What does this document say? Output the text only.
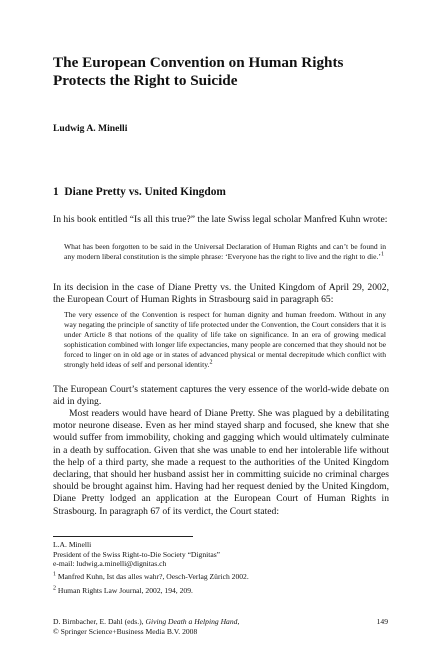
The European Convention on Human Rights Protects the Right to Suicide
Ludwig A. Minelli
1 Diane Pretty vs. United Kingdom

In his book entitled “Is all this true?” the late Swiss legal scholar Manfred Kuhn wrote:

What has been forgotten to be said in the Universal Declaration of Human Rights and can’t be found in any modern liberal constitution is the simple phrase: ‘Everyone has the right to live and the right to die.’$^1$

In its decision in the case of Diane Pretty vs. the United Kingdom of April 29, 2002, the European Court of Human Rights in Strasbourg said in paragraph 65:

The very essence of the Convention is respect for human dignity and human freedom. Without in any way negating the principle of sanctity of life protected under the Convention, the Court considers that it is under Article 8 that notions of the quality of life take on significance. In an era of growing medical sophistication combined with longer life expectancies, many people are concerned that they should not be forced to linger on in old age or in states of advanced physical or mental decrepitude which conflict with strongly held ideas of self and personal identity.$^2$

The European Court’s statement captures the very essence of the world-wide debate on aid in dying.

Most readers would have heard of Diane Pretty. She was plagued by a debilitating motor neurone disease. Even as her mind stayed sharp and focused, she knew that she would suffer from immobility, choking and gagging which would ultimately culminate in a death by suffocation. Given that she was unable to end her intolerable life without the help of a third party, she made a request to the authorities of the United Kingdom declaring, that should her husband assist her in committing suicide no criminal charges should be brought against him. Having had her request denied by the United Kingdom, Diane Pretty lodged an application at the European Court of Human Rights in Strasbourg. In paragraph 67 of its verdict, the Court stated:

L.A. Minelli
President of the Swiss Right-to-Die Society “Dignitas”
e-mail: ludwig.a.minelli@dignitas.ch

$^1$ Manfred Kuhn, Ist das alles wahr?, Oesch-Verlag Zürich 2002.

$^2$ Human Rights Law Journal, 2002, 194, 209.

D. Birnbacher, E. Dahl (eds.), Giving Death a Helping Hand,
© Springer Science+Business Media B.V. 2008
149
